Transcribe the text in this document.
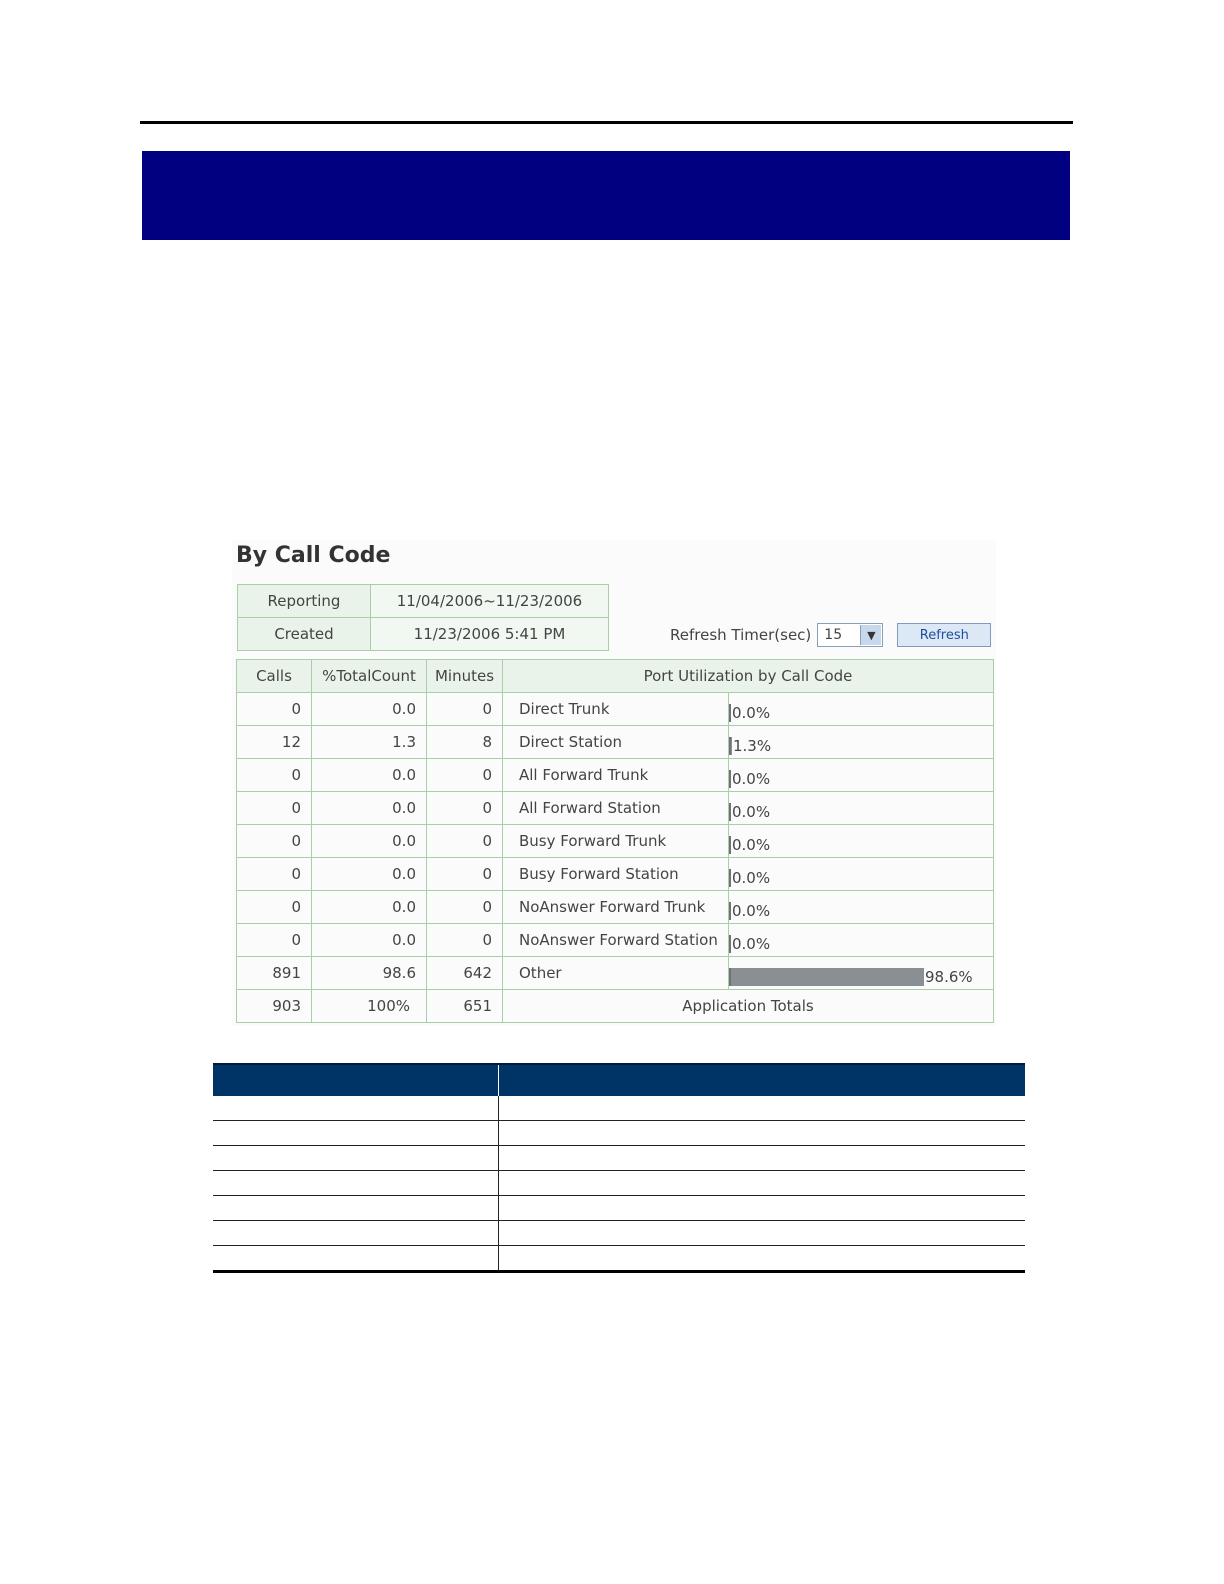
By Call Code
Reporting	11/04/2006~11/23/2006
Created	11/23/2006 5:41 PM	Refresh Timer(sec) 15	▼	Refresh
Calls	%TotalCount	Minutes	Port Utilization by Call Code	
0	0.0	0	Direct Trunk	0.0%

12	1.3	8	Direct Station	1.3%

0	0.0	0	All Forward Trunk	0.0%

0	0.0	0	All Forward Station	0.0%

0	0.0	0	Busy Forward Trunk	0.0%

0	0.0	0	Busy Forward Station	0.0%

0	0.0	0	NoAnswer Forward Trunk	0.0%

0	0.0	0	NoAnswer Forward Station	0.0%

891	98.6	642	Other	98.6%

903	100%	651	Application Totals	
